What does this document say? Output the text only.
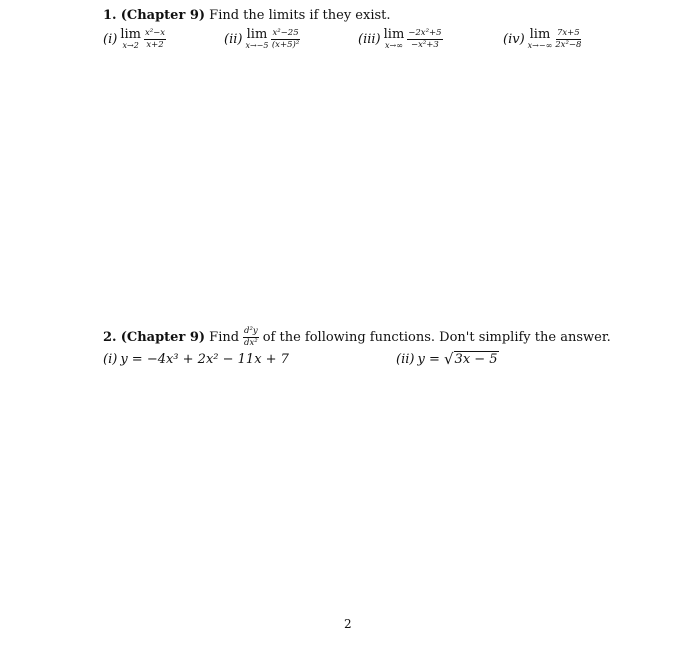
1. (Chapter 9) Find the limits if they exist.
(i) lim
$x\to 2 \frac{\text{x²−x}}{x+2}$	(ii) lim
$x\to-5 \frac{\text{x²−25}}{\text{(x+5)²}}$	(iii) lim
$x\to\infty \frac{\text{−2x²+5}}{\text{−x²+3}}$	(iv) lim
$x\to-\infty \frac{7x+5}{\text{2x²−8}}$
2.
(Chapter 9)
Find $\frac{\text{d²y}}{\text{dx²}}$ of the following functions. Don't simplify the answer.
(i) y = −4x³ + 2x² − 11x + 7	(ii) y = √ 3x − 5
2
